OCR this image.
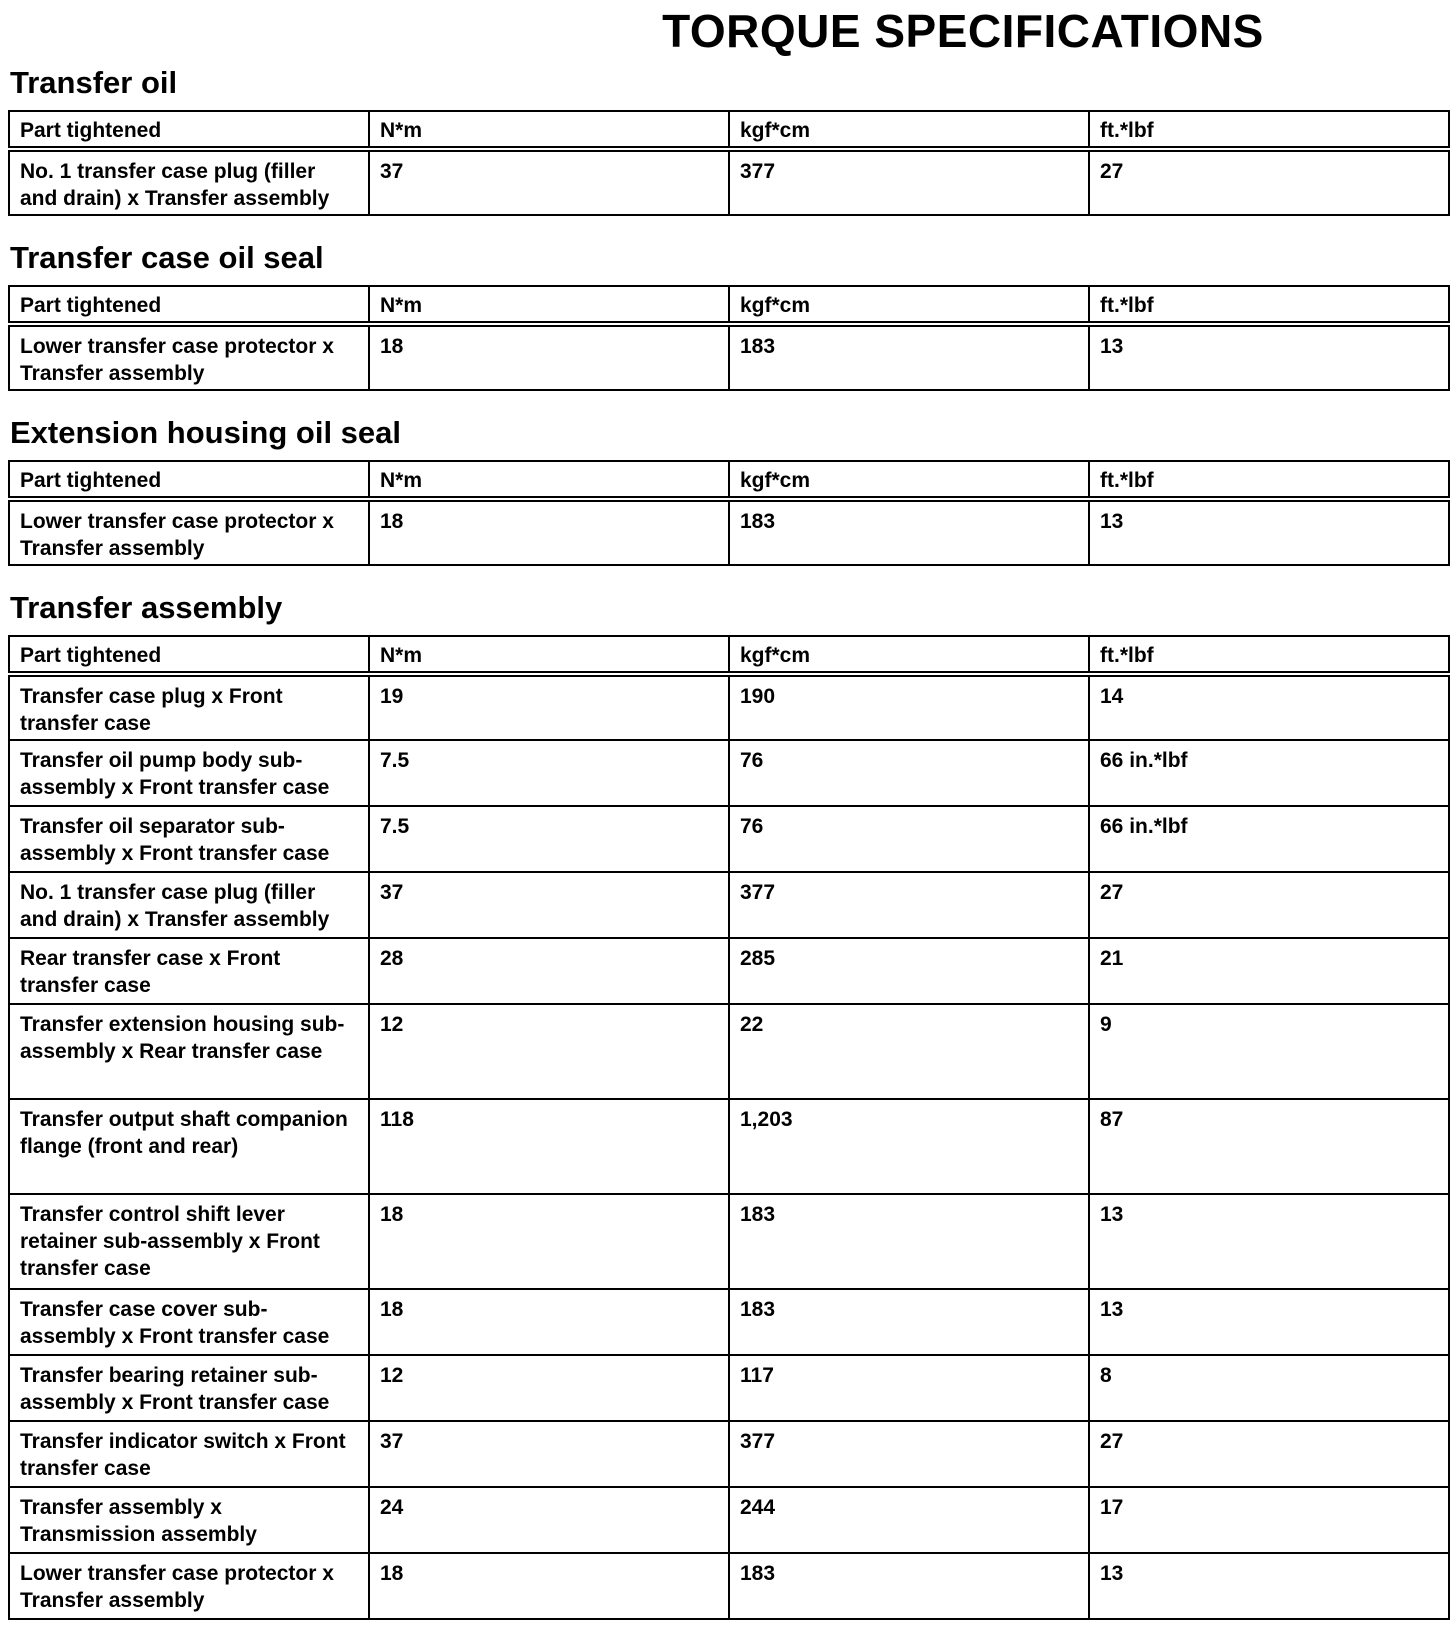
TORQUE SPECIFICATIONS
Transfer oil
Part tightened	N*m	kgf*cm	ft.*lbf
No. 1 transfer case plug (filler and drain) x Transfer assembly	37	377	27
Transfer case oil seal
Part tightened	N*m	kgf*cm	ft.*lbf
Lower transfer case protector x Transfer assembly	18	183	13
Extension housing oil seal
Part tightened	N*m	kgf*cm	ft.*lbf
Lower transfer case protector x Transfer assembly	18	183	13
Transfer assembly
Part tightened	N*m	kgf*cm	ft.*lbf
Transfer case plug x Front transfer case	19	190	14
Transfer oil pump body sub-assembly x Front transfer case	7.5	76	66 in.*lbf
Transfer oil separator sub-assembly x Front transfer case	7.5	76	66 in.*lbf
No. 1 transfer case plug (filler and drain) x Transfer assembly	37	377	27
Rear transfer case x Front transfer case	28	285	21
Transfer extension housing sub-assembly x Rear transfer case	12	22	9
Transfer output shaft companion flange (front and rear)	118	1,203	87
Transfer control shift lever retainer sub-assembly x Front transfer case	18	183	13
Transfer case cover sub-assembly x Front transfer case	18	183	13
Transfer bearing retainer sub-assembly x Front transfer case	12	117	8
Transfer indicator switch x Front transfer case	37	377	27
Transfer assembly x Transmission assembly	24	244	17
Lower transfer case protector x Transfer assembly	18	183	13
